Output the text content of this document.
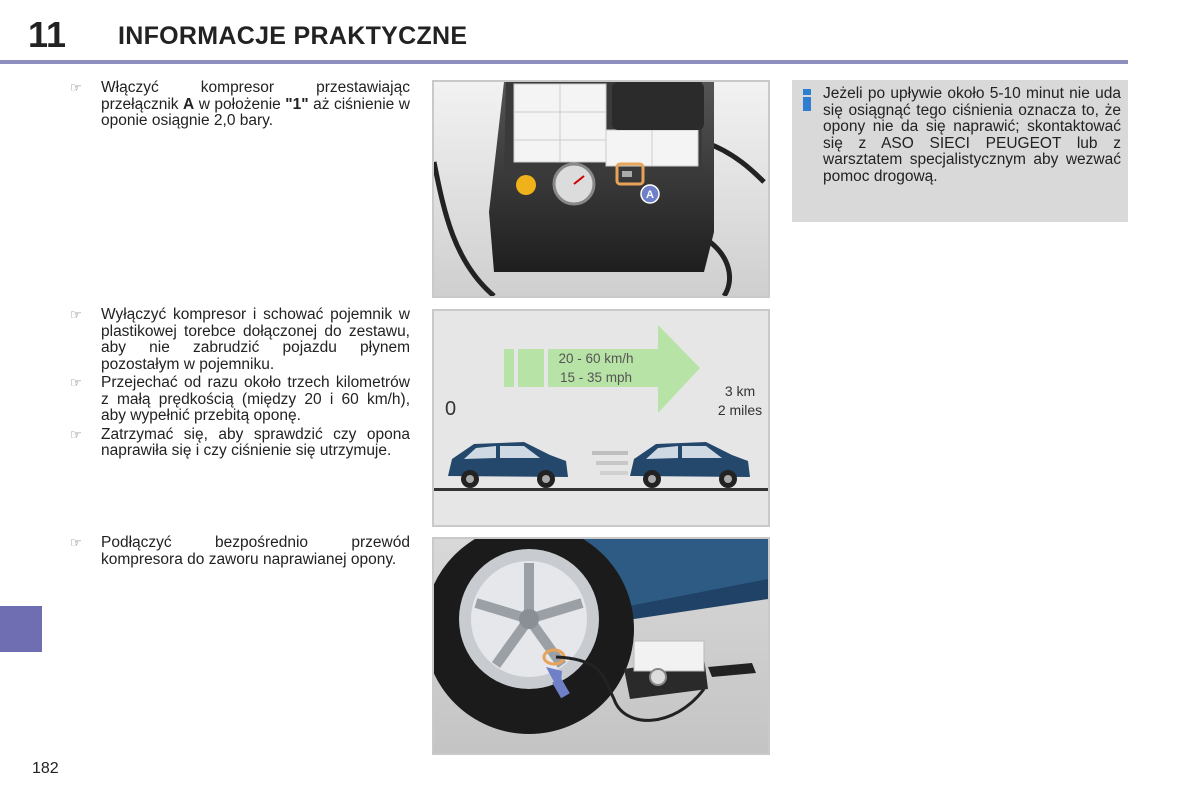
11 INFORMACJE PRAKTYCZNE
182
☞ Włączyć kompresor przestawiając przełącznik A w położenie "1" aż ciśnienie w oponie osiągnie 2,0 bary.
☞ Wyłączyć kompresor i schować pojemnik w plastikowej torebce dołączonej do zestawu, aby nie zabrudzić pojazdu płynem pozostałym w pojemniku.
☞ Przejechać od razu około trzech kilometrów z małą prędkością (między 20 i 60 km/h), aby wypełnić przebitą oponę.
☞ Zatrzymać się, aby sprawdzić czy opona naprawiła się i czy ciśnienie się utrzymuje.
☞ Podłączyć bezpośrednio przewód kompresora do zaworu naprawianej opony.
A
20 - 60 km/h
15 - 35 mph
0
3 km
2 miles
Jeżeli po upływie około 5-10 minut nie uda się osiągnąć tego ciśnienia oznacza to, że opony nie da się naprawić; skontaktować się z ASO SIECI PEUGEOT lub z warsztatem specjalistycznym aby wezwać pomoc drogową.
